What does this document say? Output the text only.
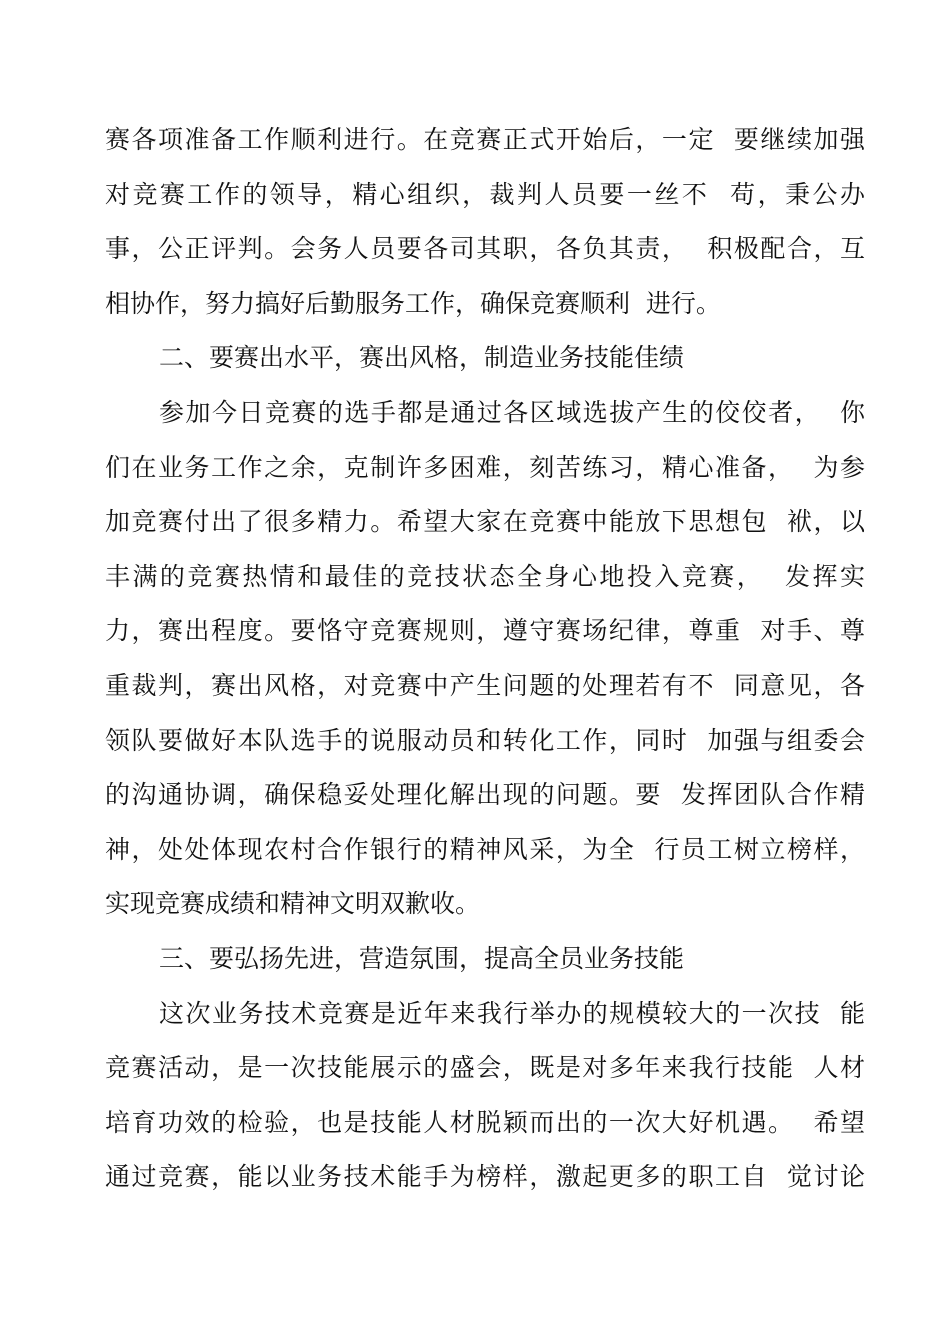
赛各项准备工作顺利进行。在竞赛正式开始后，一定  要继续加强
对竞赛工作的领导，精心组织，裁判人员要一丝不  苟，秉公办
事，公正评判。会务人员要各司其职，各负其责，  积极配合，互
相协作，努力搞好后勤服务工作，确保竞赛顺利  进行。
二、要赛出水平，赛出风格，制造业务技能佳绩
参加今日竞赛的选手都是通过各区域选拔产生的佼佼者，  你
们在业务工作之余，克制许多困难，刻苦练习，精心准备，  为参
加竞赛付出了很多精力。希望大家在竞赛中能放下思想包  袱，以
丰满的竞赛热情和最佳的竞技状态全身心地投入竞赛，  发挥实
力，赛出程度。要恪守竞赛规则，遵守赛场纪律，尊重  对手、尊
重裁判，赛出风格，对竞赛中产生问题的处理若有不  同意见，各
领队要做好本队选手的说服动员和转化工作，同时  加强与组委会
的沟通协调，确保稳妥处理化解出现的问题。要  发挥团队合作精
神，处处体现农村合作银行的精神风采，为全  行员工树立榜样，
实现竞赛成绩和精神文明双歉收。
三、要弘扬先进，营造氛围，提高全员业务技能
这次业务技术竞赛是近年来我行举办的规模较大的一次技  能
竞赛活动，是一次技能展示的盛会，既是对多年来我行技能  人材
培育功效的检验，也是技能人材脱颖而出的一次大好机遇。  希望
通过竞赛，能以业务技术能手为榜样，激起更多的职工自  觉讨论
